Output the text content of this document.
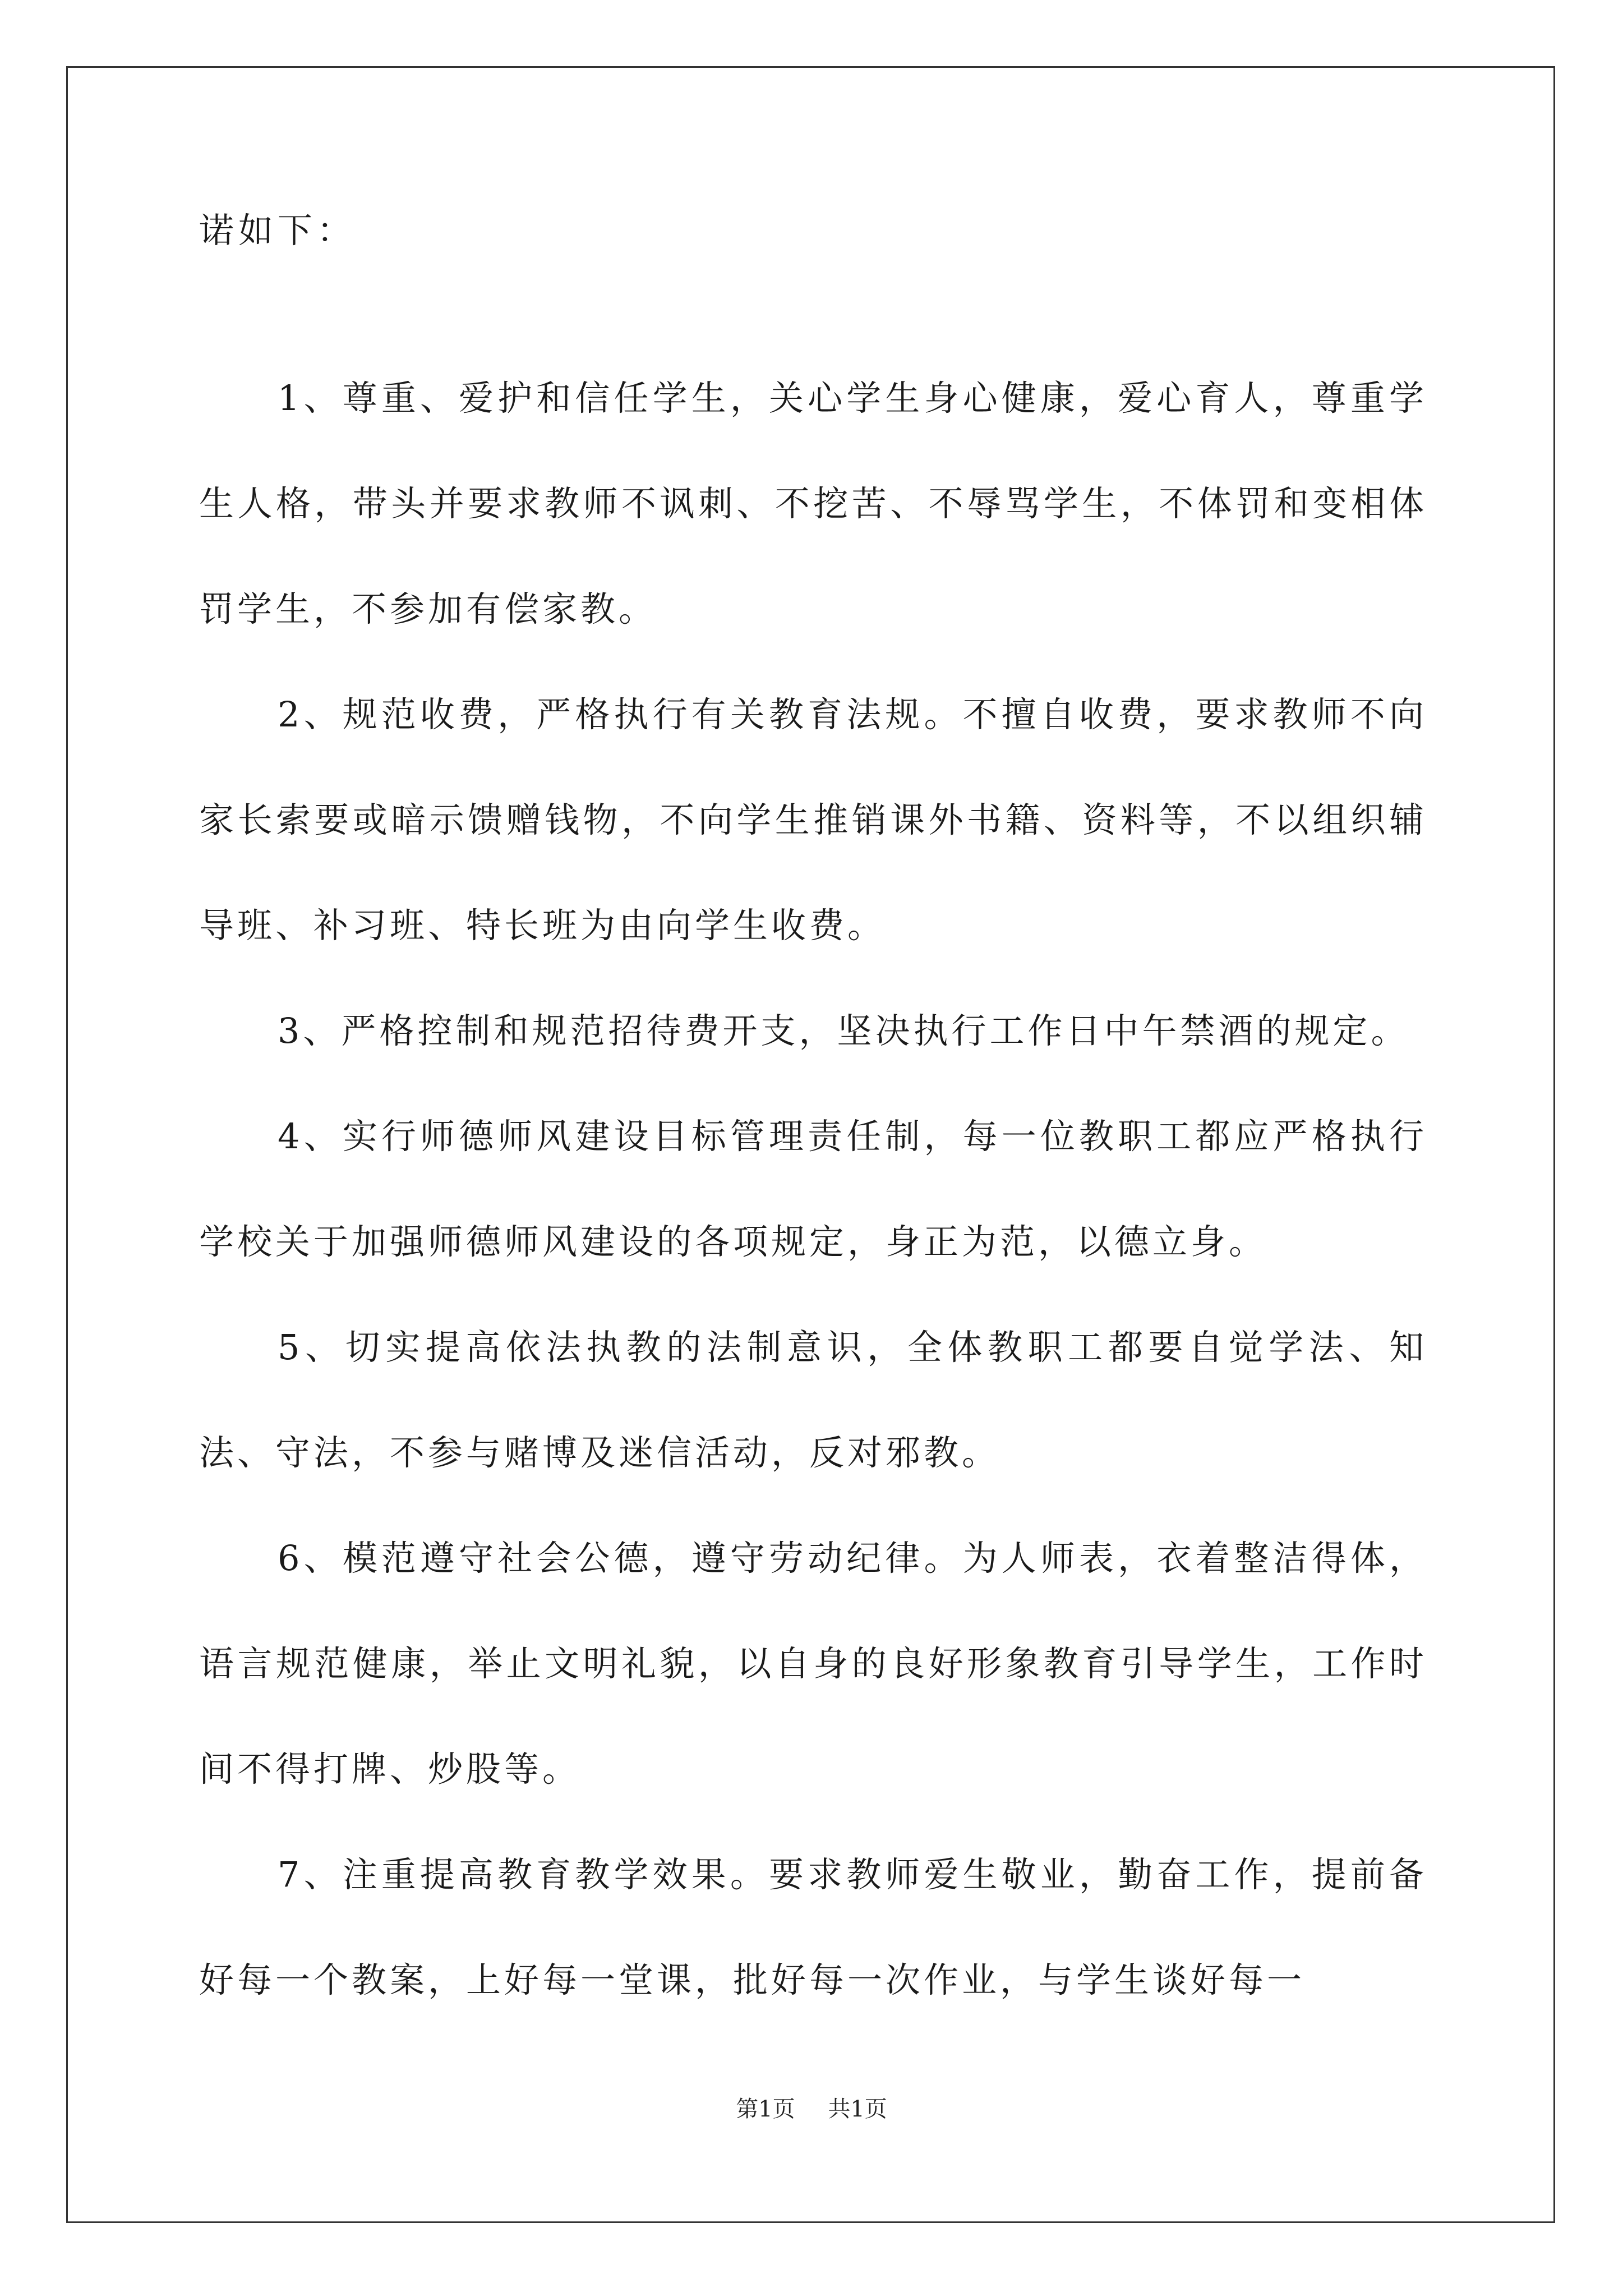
诺如下：

1、尊重、爱护和信任学生，关心学生身心健康，爱心育人，尊重学生人格，带头并要求教师不讽刺、不挖苦、不辱骂学生，不体罚和变相体罚学生，不参加有偿家教。

2、规范收费，严格执行有关教育法规。不擅自收费，要求教师不向家长索要或暗示馈赠钱物，不向学生推销课外书籍、资料等，不以组织辅导班、补习班、特长班为由向学生收费。

3、严格控制和规范招待费开支，坚决执行工作日中午禁酒的规定。

4、实行师德师风建设目标管理责任制，每一位教职工都应严格执行学校关于加强师德师风建设的各项规定，身正为范，以德立身。

5、切实提高依法执教的法制意识，全体教职工都要自觉学法、知法、守法，不参与赌博及迷信活动，反对邪教。

6、模范遵守社会公德，遵守劳动纪律。为人师表，衣着整洁得体，语言规范健康，举止文明礼貌，以自身的良好形象教育引导学生，工作时间不得打牌、炒股等。

7、注重提高教育教学效果。要求教师爱生敬业，勤奋工作，提前备好每一个教案，上好每一堂课，批好每一次作业，与学生谈好每一

第1页 共1页
